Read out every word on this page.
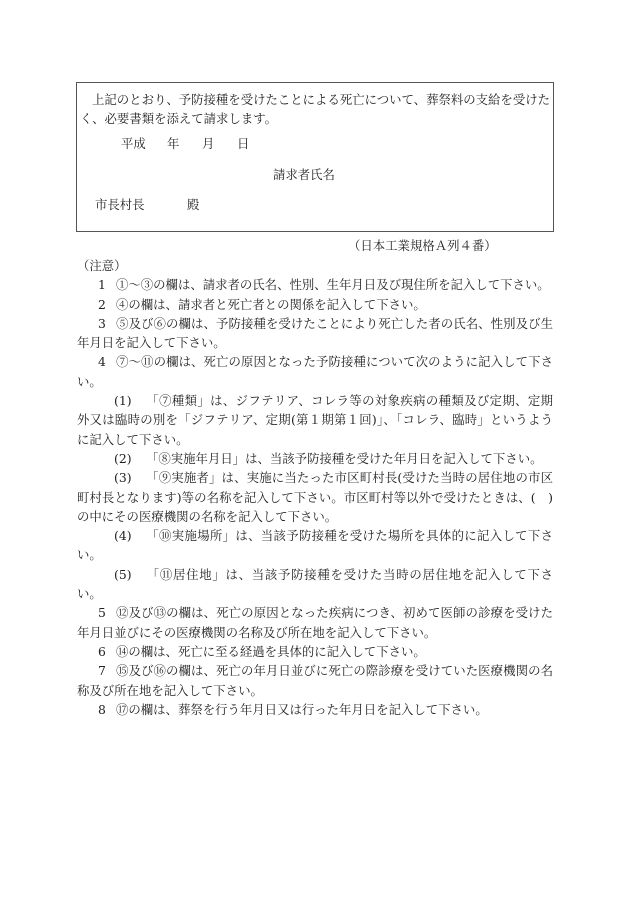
上記のとおり、予防接種を受けたことによる死亡について、葬祭料の支給を受けたく、必要書類を添えて請求します。

平成 年 月 日
請求者氏名
市長村長	殿
（日本工業規格Ａ列４番）

（注意）

1 ①～③の欄は、請求者の氏名、性別、生年月日及び現住所を記入して下さい。

2 ④の欄は、請求者と死亡者との関係を記入して下さい。

3 ⑤及び⑥の欄は、予防接種を受けたことにより死亡した者の氏名、性別及び生年月日を記入して下さい。

4 ⑦～⑪の欄は、死亡の原因となった予防接種について次のように記入して下さい。

(1) 「⑦種類」は、ジフテリア、コレラ等の対象疾病の種類及び定期、定期外又は臨時の別を「ジフテリア、定期(第１期第１回)」、「コレラ、臨時」というように記入して下さい。

(2) 「⑧実施年月日」は、当該予防接種を受けた年月日を記入して下さい。

(3) 「⑨実施者」は、実施に当たった市区町村長(受けた当時の居住地の市区町村長となります)等の名称を記入して下さい。市区町村等以外で受けたときは、(　)の中にその医療機関の名称を記入して下さい。

(4) 「⑩実施場所」は、当該予防接種を受けた場所を具体的に記入して下さい。

(5) 「⑪居住地」は、当該予防接種を受けた当時の居住地を記入して下さい。

5 ⑫及び⑬の欄は、死亡の原因となった疾病につき、初めて医師の診療を受けた年月日並びにその医療機関の名称及び所在地を記入して下さい。

6 ⑭の欄は、死亡に至る経過を具体的に記入して下さい。

7 ⑮及び⑯の欄は、死亡の年月日並びに死亡の際診療を受けていた医療機関の名称及び所在地を記入して下さい。

8 ⑰の欄は、葬祭を行う年月日又は行った年月日を記入して下さい。
